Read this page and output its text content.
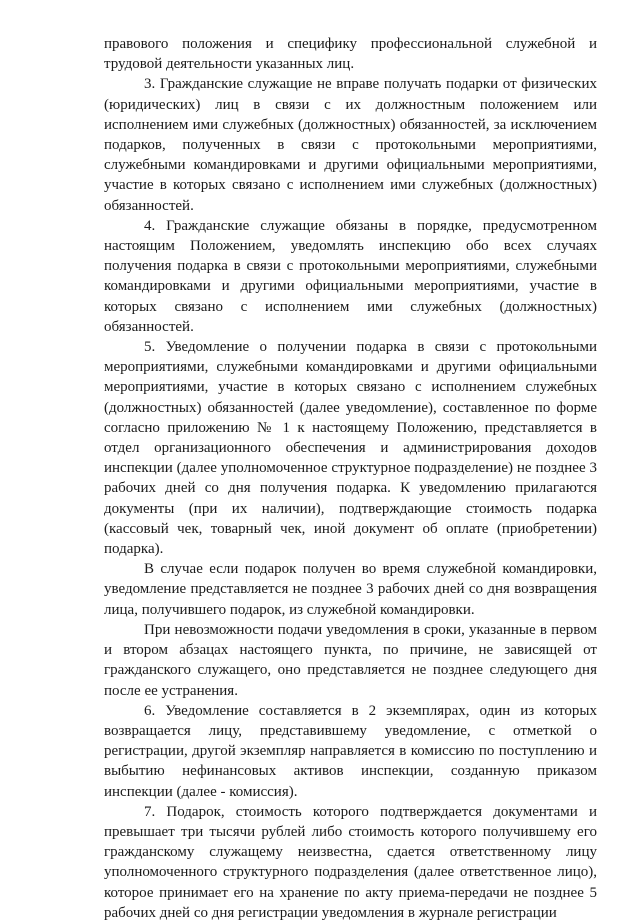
правового положения и специфику профессиональной служебной и трудовой деятельности указанных лиц.

3. Гражданские служащие не вправе получать подарки от физических (юридических) лиц в связи с их должностным положением или исполнением ими служебных (должностных) обязанностей, за исключением подарков, полученных в связи с протокольными мероприятиями, служебными командировками и другими официальными мероприятиями, участие в которых связано с исполнением ими служебных (должностных) обязанностей.

4. Гражданские служащие обязаны в порядке, предусмотренном настоящим Положением, уведомлять инспекцию обо всех случаях получения подарка в связи с протокольными мероприятиями, служебными командировками и другими официальными мероприятиями, участие в которых связано с исполнением ими служебных (должностных) обязанностей.

5. Уведомление о получении подарка в связи с протокольными мероприятиями, служебными командировками и другими официальными мероприятиями, участие в которых связано с исполнением служебных (должностных) обязанностей (далее уведомление), составленное по форме согласно приложению № 1 к настоящему Положению, представляется в отдел организационного обеспечения и администрирования доходов инспекции (далее уполномоченное структурное подразделение) не позднее 3 рабочих дней со дня получения подарка. К уведомлению прилагаются документы (при их наличии), подтверждающие стоимость подарка (кассовый чек, товарный чек, иной документ об оплате (приобретении) подарка).

В случае если подарок получен во время служебной командировки, уведомление представляется не позднее 3 рабочих дней со дня возвращения лица, получившего подарок, из служебной командировки.

При невозможности подачи уведомления в сроки, указанные в первом и втором абзацах настоящего пункта, по причине, не зависящей от гражданского служащего, оно представляется не позднее следующего дня после ее устранения.

6. Уведомление составляется в 2 экземплярах, один из которых возвращается лицу, представившему уведомление, с отметкой о регистрации, другой экземпляр направляется в комиссию по поступлению и выбытию нефинансовых активов инспекции, созданную приказом инспекции (далее - комиссия).

7. Подарок, стоимость которого подтверждается документами и превышает три тысячи рублей либо стоимость которого получившему его гражданскому служащему неизвестна, сдается ответственному лицу уполномоченного структурного подразделения (далее ответственное лицо), которое принимает его на хранение по акту приема-передачи не позднее 5 рабочих дней со дня регистрации уведомления в журнале регистрации
